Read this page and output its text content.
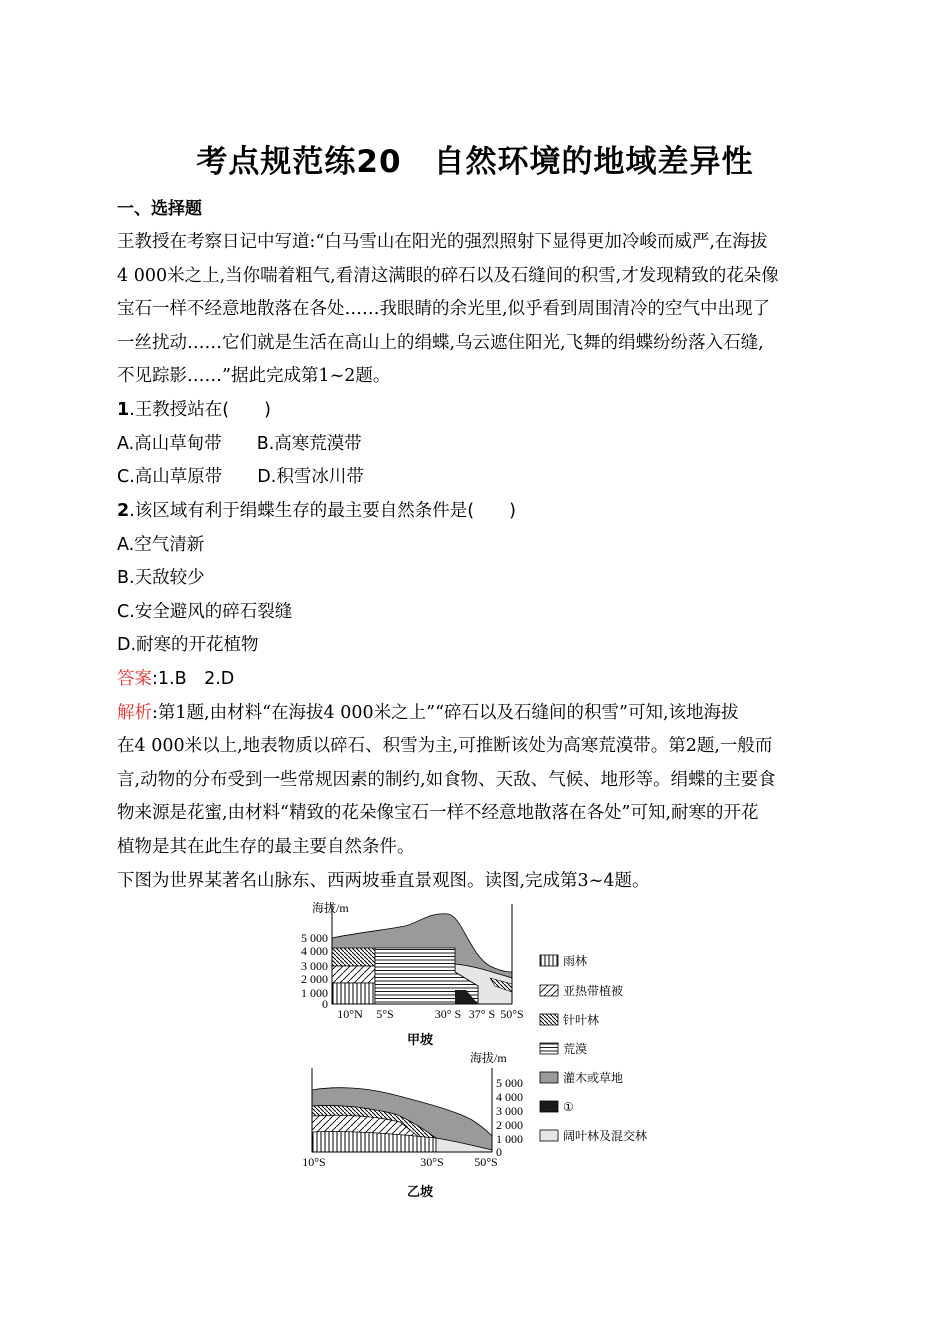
考点规范练20　自然环境的地域差异性
一、选择题
王教授在考察日记中写道:“白马雪山在阳光的强烈照射下显得更加冷峻而威严,在海拔
4 000米之上,当你喘着粗气,看清这满眼的碎石以及石缝间的积雪,才发现精致的花朵像
宝石一样不经意地散落在各处……我眼睛的余光里,似乎看到周围清冷的空气中出现了
一丝扰动……它们就是生活在高山上的绢蝶,乌云遮住阳光,飞舞的绢蝶纷纷落入石缝,
不见踪影……”据此完成第1~2题。
1.王教授站在(　　)
A.高山草甸带　　B.高寒荒漠带
C.高山草原带　　D.积雪冰川带
2.该区域有利于绢蝶生存的最主要自然条件是(　　)
A.空气清新
B.天敌较少
C.安全避风的碎石裂缝
D.耐寒的开花植物
答案:1.B　2.D
解析:第1题,由材料“在海拔4 000米之上”“碎石以及石缝间的积雪”可知,该地海拔
在4 000米以上,地表物质以碎石、积雪为主,可推断该处为高寒荒漠带。第2题,一般而
言,动物的分布受到一些常规因素的制约,如食物、天敌、气候、地形等。绢蝶的主要食
物来源是花蜜,由材料“精致的花朵像宝石一样不经意地散落在各处”可知,耐寒的开花
植物是其在此生存的最主要自然条件。
下图为世界某著名山脉东、西两坡垂直景观图。读图,完成第3~4题。
海拔/m
5 000
4 000
3 000
2 000
1 000
0
10°N 5°S	30° S 37° S 50°S
甲坡
海拔/m
5 000
4 000
3 000
2 000
1 000
0
10°S	30°S	50°S
乙坡
雨林
亚热带植被
针叶林
荒漠
灌木或草地
①
阔叶林及混交林
